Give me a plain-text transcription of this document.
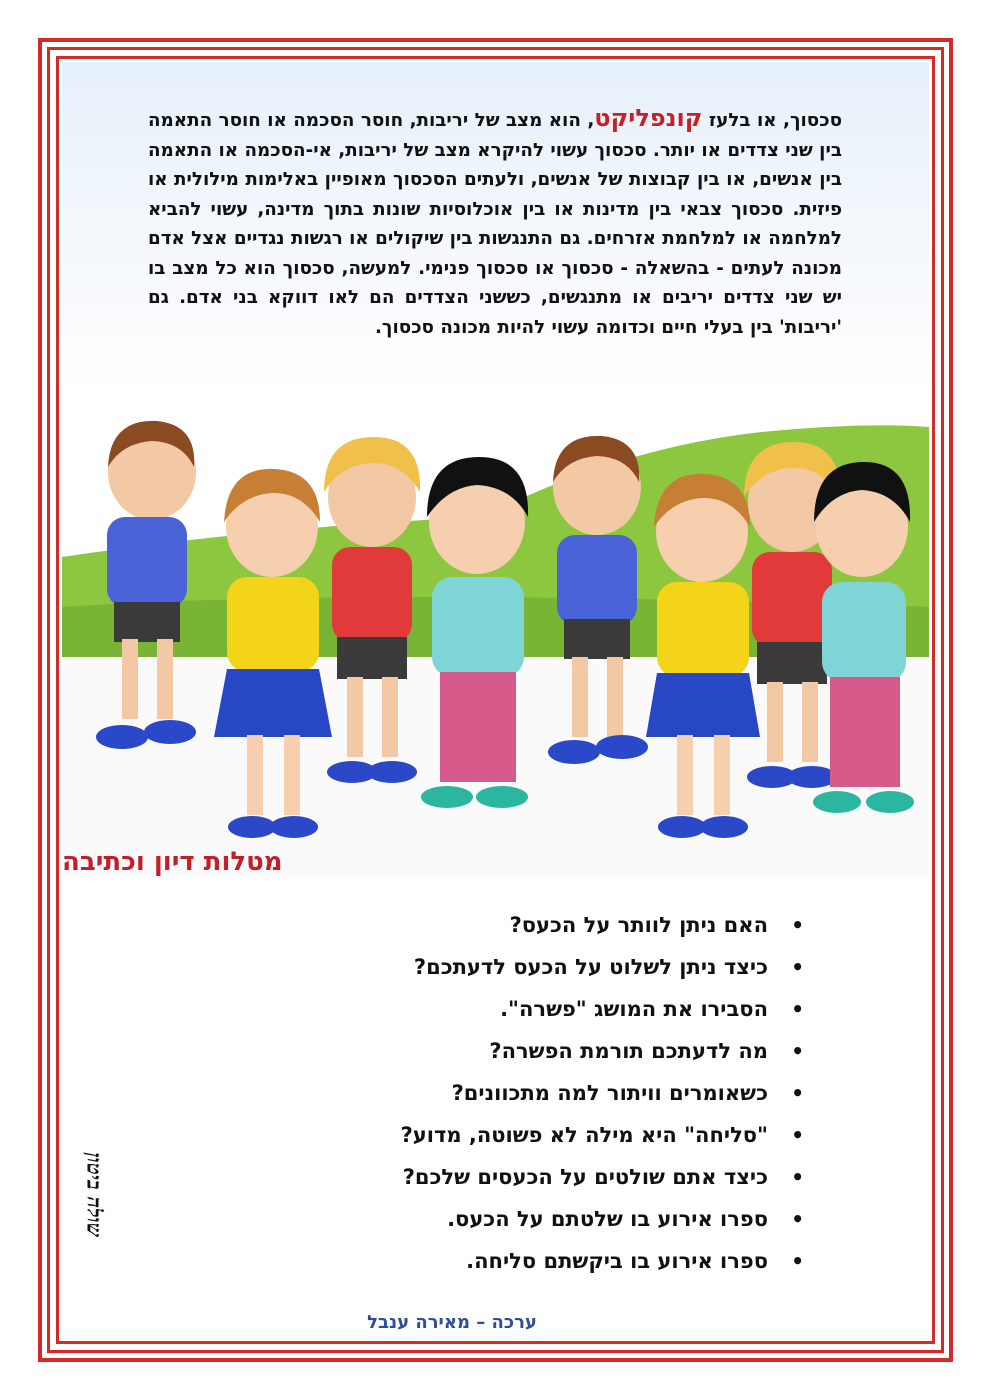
סכסוך, או בלעז קונפליקט, הוא מצב של יריבות, חוסר הסכמה או חוסר התאמה בין שני צדדים או יותר. סכסוך עשוי להיקרא מצב של יריבות, אי-הסכמה או התאמה בין אנשים, או בין קבוצות של אנשים, ולעתים הסכסוך מאופיין באלימות מילולית או פיזית. סכסוך צבאי בין מדינות או בין אוכלוסיות שונות בתוך מדינה, עשוי להביא למלחמה או למלחמת אזרחים. גם התנגשות בין שיקולים או רגשות נגדיים אצל אדם מכונה לעתים - בהשאלה - סכסוך או סכסוך פנימי. למעשה, סכסוך הוא כל מצב בו יש שני צדדים יריבים או מתנגשים, כששני הצדדים הם לאו דווקא בני אדם. גם 'יריבות' בין בעלי חיים וכדומה עשוי להיות מכונה סכסוך.
מטלות דיון וכתיבה
•
האם ניתן לוותר על הכעס?
•
כיצד ניתן לשלוט על הכעס לדעתכם?
•
הסבירו את המושג "פשרה".
•
מה לדעתכם תורמת הפשרה?
•
כשאומרים וויתור למה מתכוונים?
•
"סליחה" היא מילה לא פשוטה, מדוע?
•
כיצד אתם שולטים על הכעסים שלכם?
•
ספרו אירוע בו שלטתם על הכעס.
•
ספרו אירוע בו ביקשתם סליחה.
שולה ביטון
ערכה – מאירה ענבל
